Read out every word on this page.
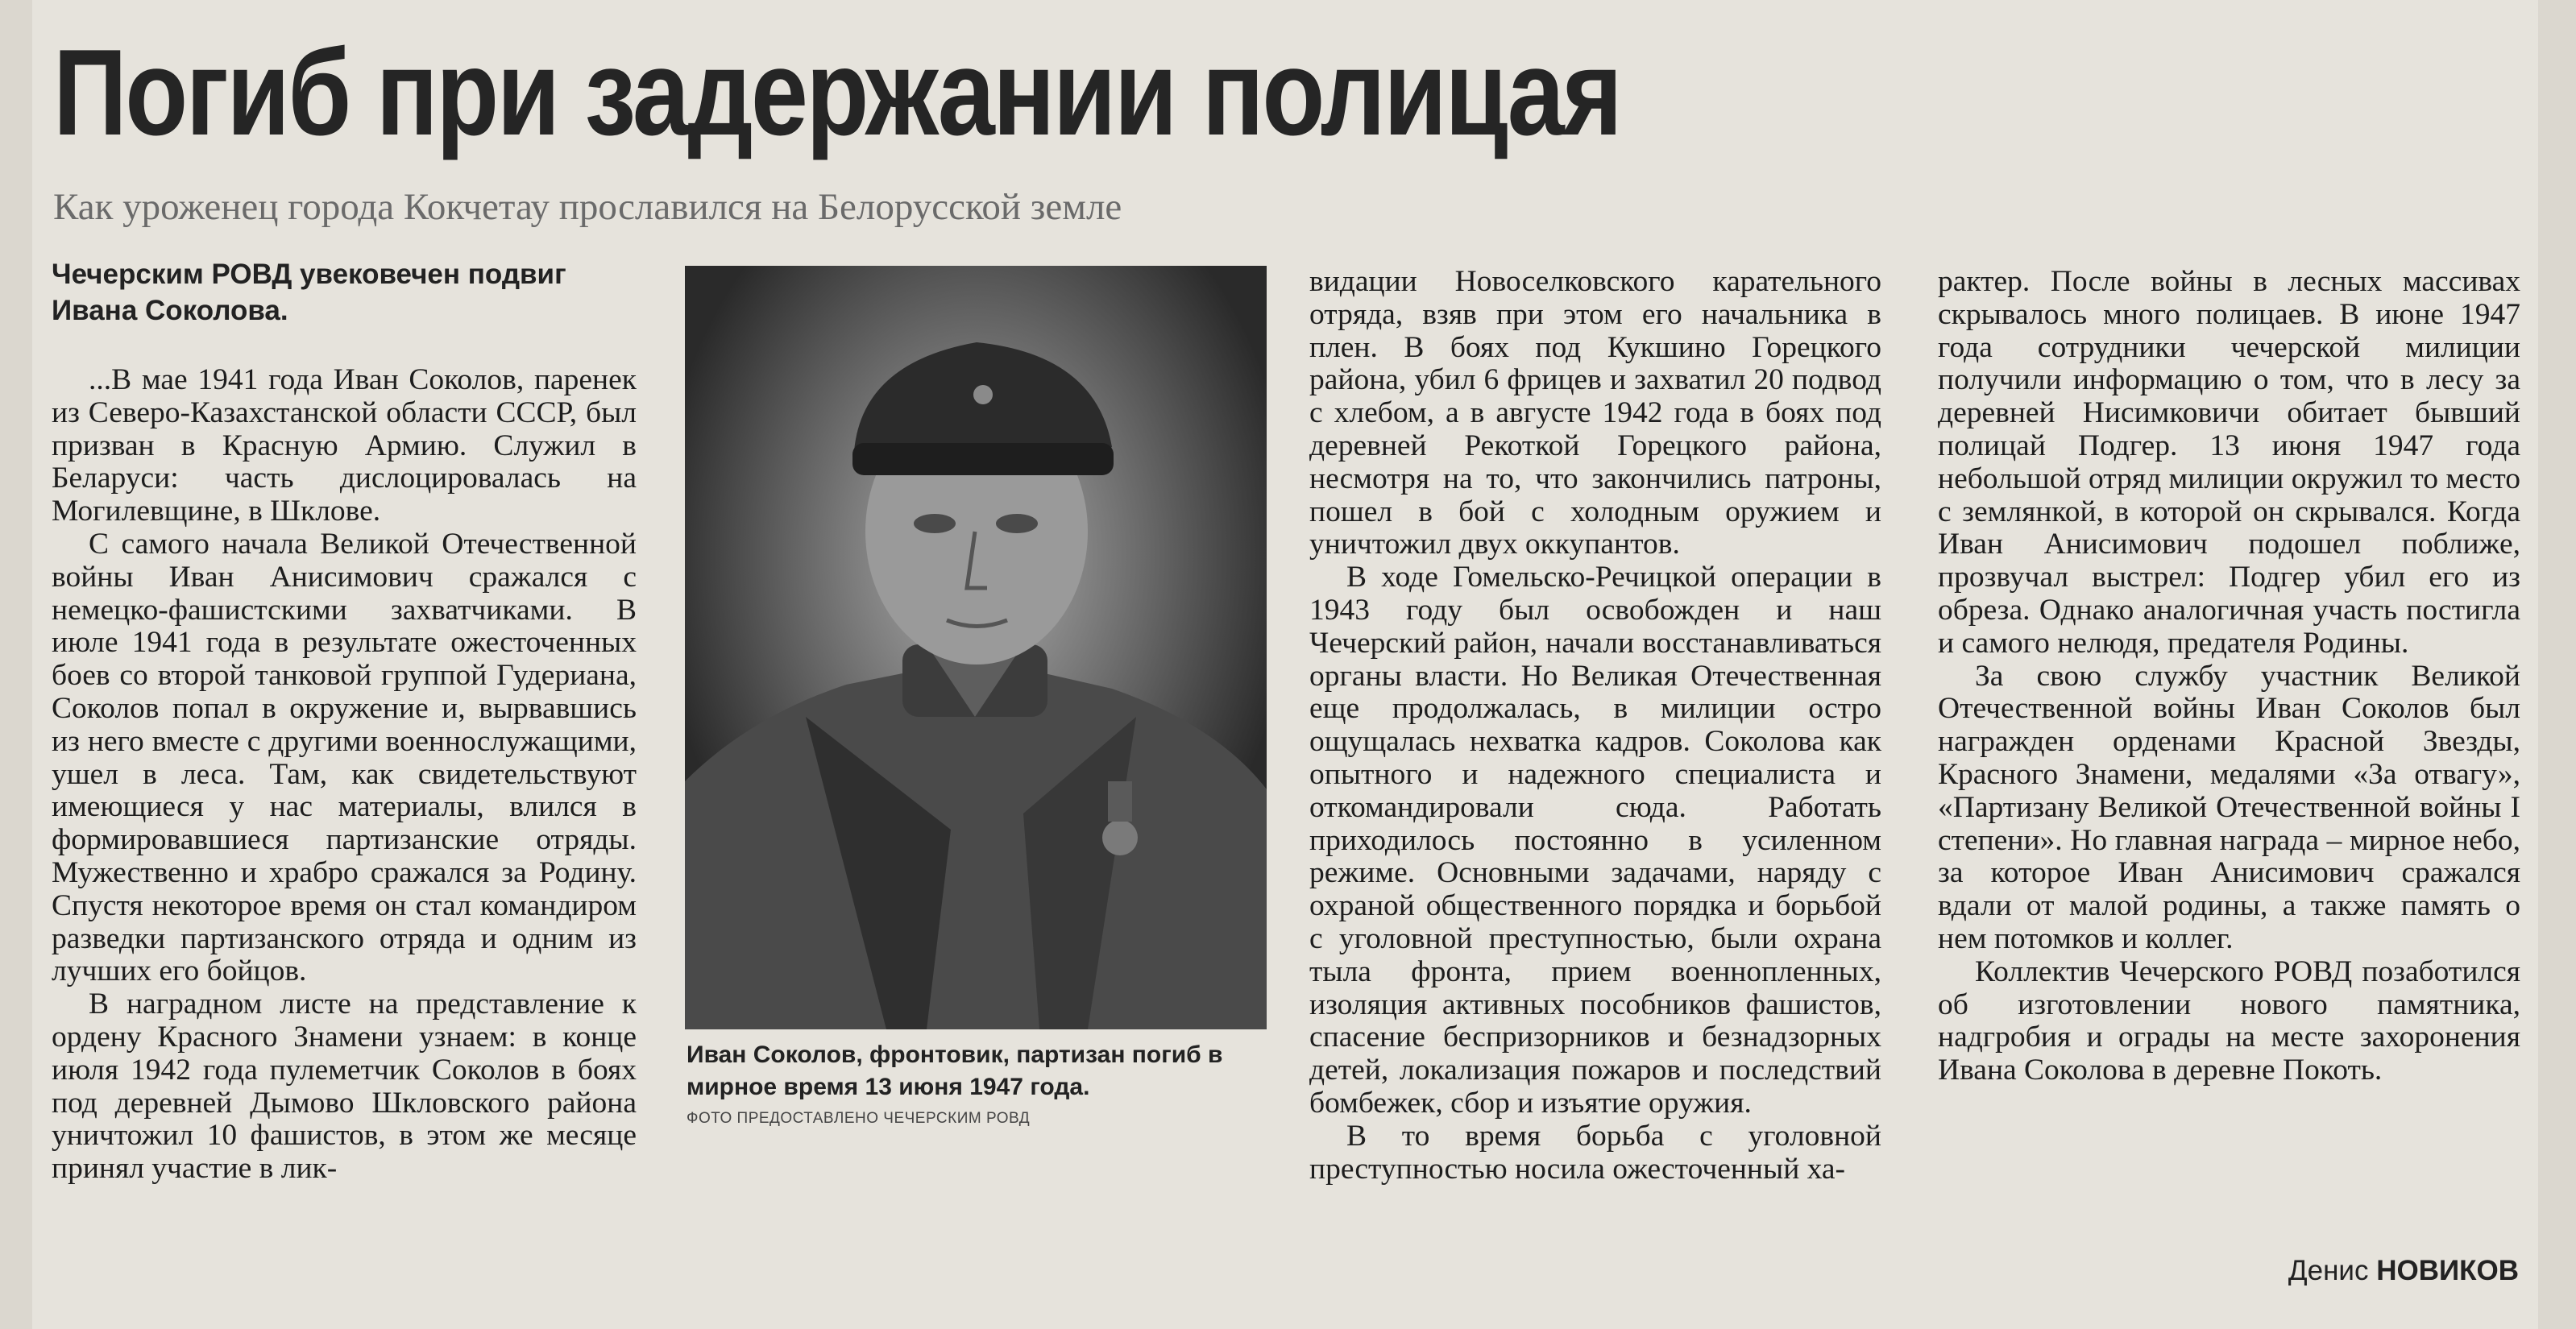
Погиб при задержании полицая

Как уроженец города Кокчетау прославился на Белорусской земле

Чечерским РОВД увековечен подвиг Ивана Соколова.

...В мае 1941 года Иван Соколов, паренек из Северо-Казахстанской области СССР, был призван в Красную Армию. Служил в Беларуси: часть дислоцировалась на Могилевщине, в Шклове.

С самого начала Великой Отечественной войны Иван Анисимович сражался с немецко-фашистскими захватчиками. В июле 1941 года в результате ожесточенных боев со второй танковой группой Гудериана, Соколов попал в окружение и, вырвавшись из него вместе с другими военнослужащими, ушел в леса. Там, как свидетельствуют имеющиеся у нас материалы, влился в формировавшиеся партизанские отряды. Мужественно и храбро сражался за Родину. Спустя некоторое время он стал командиром разведки партизанского отряда и одним из лучших его бойцов.

В наградном листе на представление к ордену Красного Знамени узнаем: в конце июля 1942 года пулеметчик Соколов в боях под деревней Дымово Шкловского района уничтожил 10 фашистов, в этом же месяце принял участие в лик-

Иван Соколов, фронтовик, партизан погиб в мирное время 13 июня 1947 года.

ФОТО ПРЕДОСТАВЛЕНО ЧЕЧЕРСКИМ РОВД

видации Новоселковского карательного отряда, взяв при этом его начальника в плен. В боях под Кукшино Горецкого района, убил 6 фрицев и захватил 20 подвод с хлебом, а в августе 1942 года в боях под деревней Рекоткой Горецкого района, несмотря на то, что закончились патроны, пошел в бой с холодным оружием и уничтожил двух оккупантов.

В ходе Гомельско-Речицкой операции в 1943 году был освобожден и наш Чечерский район, начали восстанавливаться органы власти. Но Великая Отечественная еще продолжалась, в милиции остро ощущалась нехватка кадров. Соколова как опытного и надежного специалиста и откомандировали сюда. Работать приходилось постоянно в усиленном режиме. Основными задачами, наряду с охраной общественного порядка и борьбой с уголовной преступностью, были охрана тыла фронта, прием военнопленных, изоляция активных пособников фашистов, спасение беспризорников и безнадзорных детей, локализация пожаров и последствий бомбежек, сбор и изъятие оружия.

В то время борьба с уголовной преступностью носила ожесточенный ха-

рактер. После войны в лесных массивах скрывалось много полицаев. В июне 1947 года сотрудники чечерской милиции получили информацию о том, что в лесу за деревней Нисимковичи обитает бывший полицай Подгер. 13 июня 1947 года небольшой отряд милиции окружил то место с землянкой, в которой он скрывался. Когда Иван Анисимович подошел поближе, прозвучал выстрел: Подгер убил его из обреза. Однако аналогичная участь постигла и самого нелюдя, предателя Родины.

За свою службу участник Великой Отечественной войны Иван Соколов был награжден орденами Красной Звезды, Красного Знамени, медалями «За отвагу», «Партизану Великой Отечественной войны I степени». Но главная награда – мирное небо, за которое Иван Анисимович сражался вдали от малой родины, а также память о нем потомков и коллег.

Коллектив Чечерского РОВД позаботился об изготовлении нового памятника, надгробия и ограды на месте захоронения Ивана Соколова в деревне Покоть.

Денис НОВИКОВ
